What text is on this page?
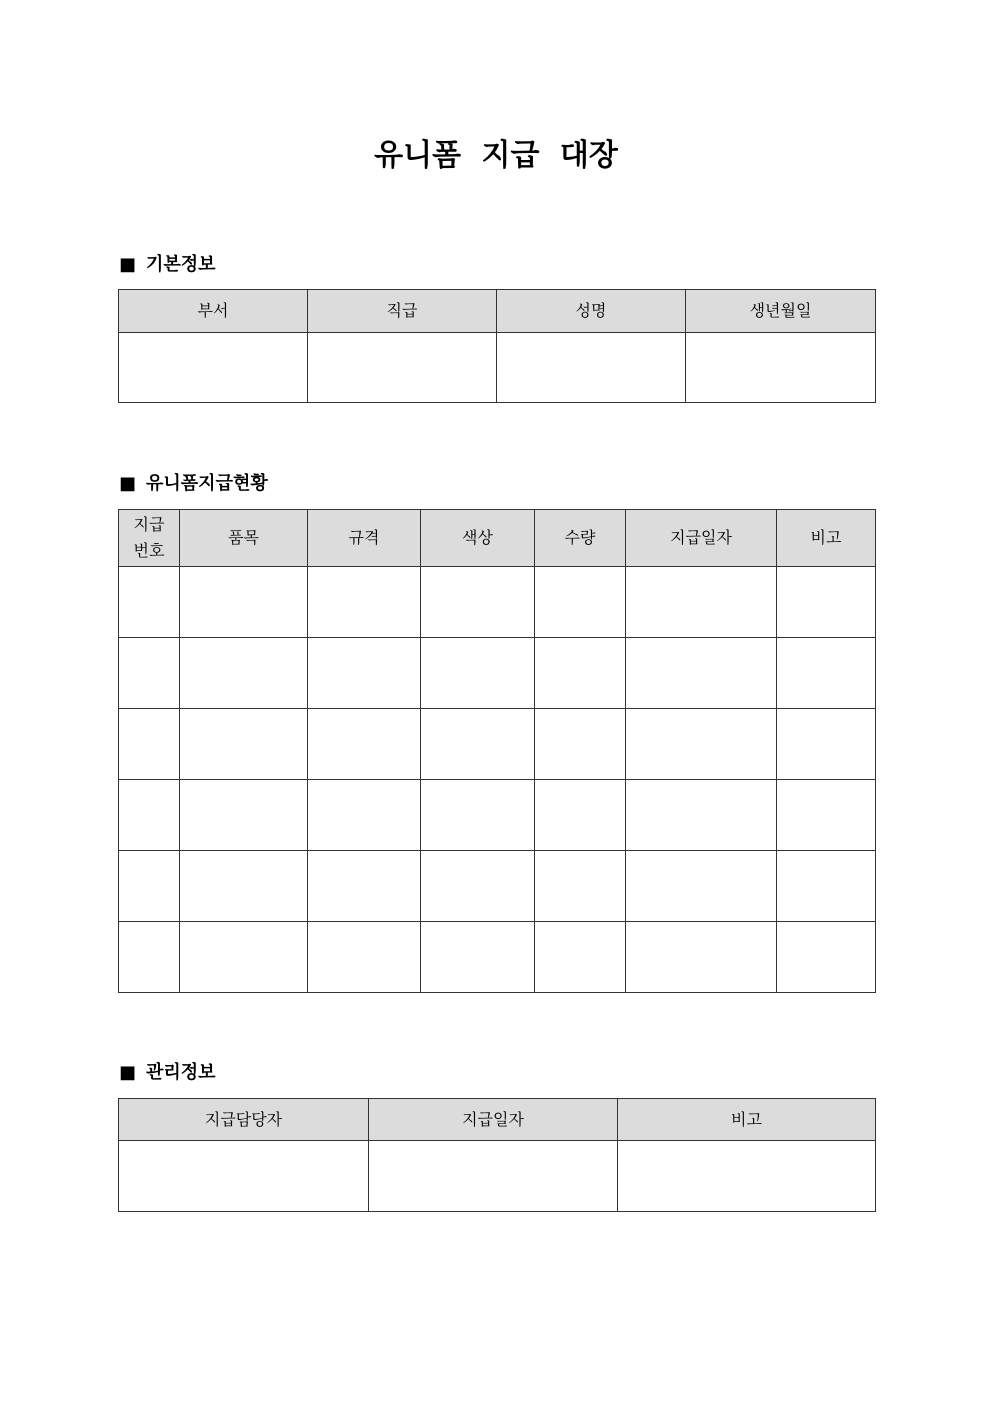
유니폼 지급 대장
■ 기본정보
부서	직급	성명	생년월일

■ 유니폼지급현황
지급
번호	품목	규격	색상	수량	지급일자	비고

■ 관리정보
지급담당자	지급일자	비고
